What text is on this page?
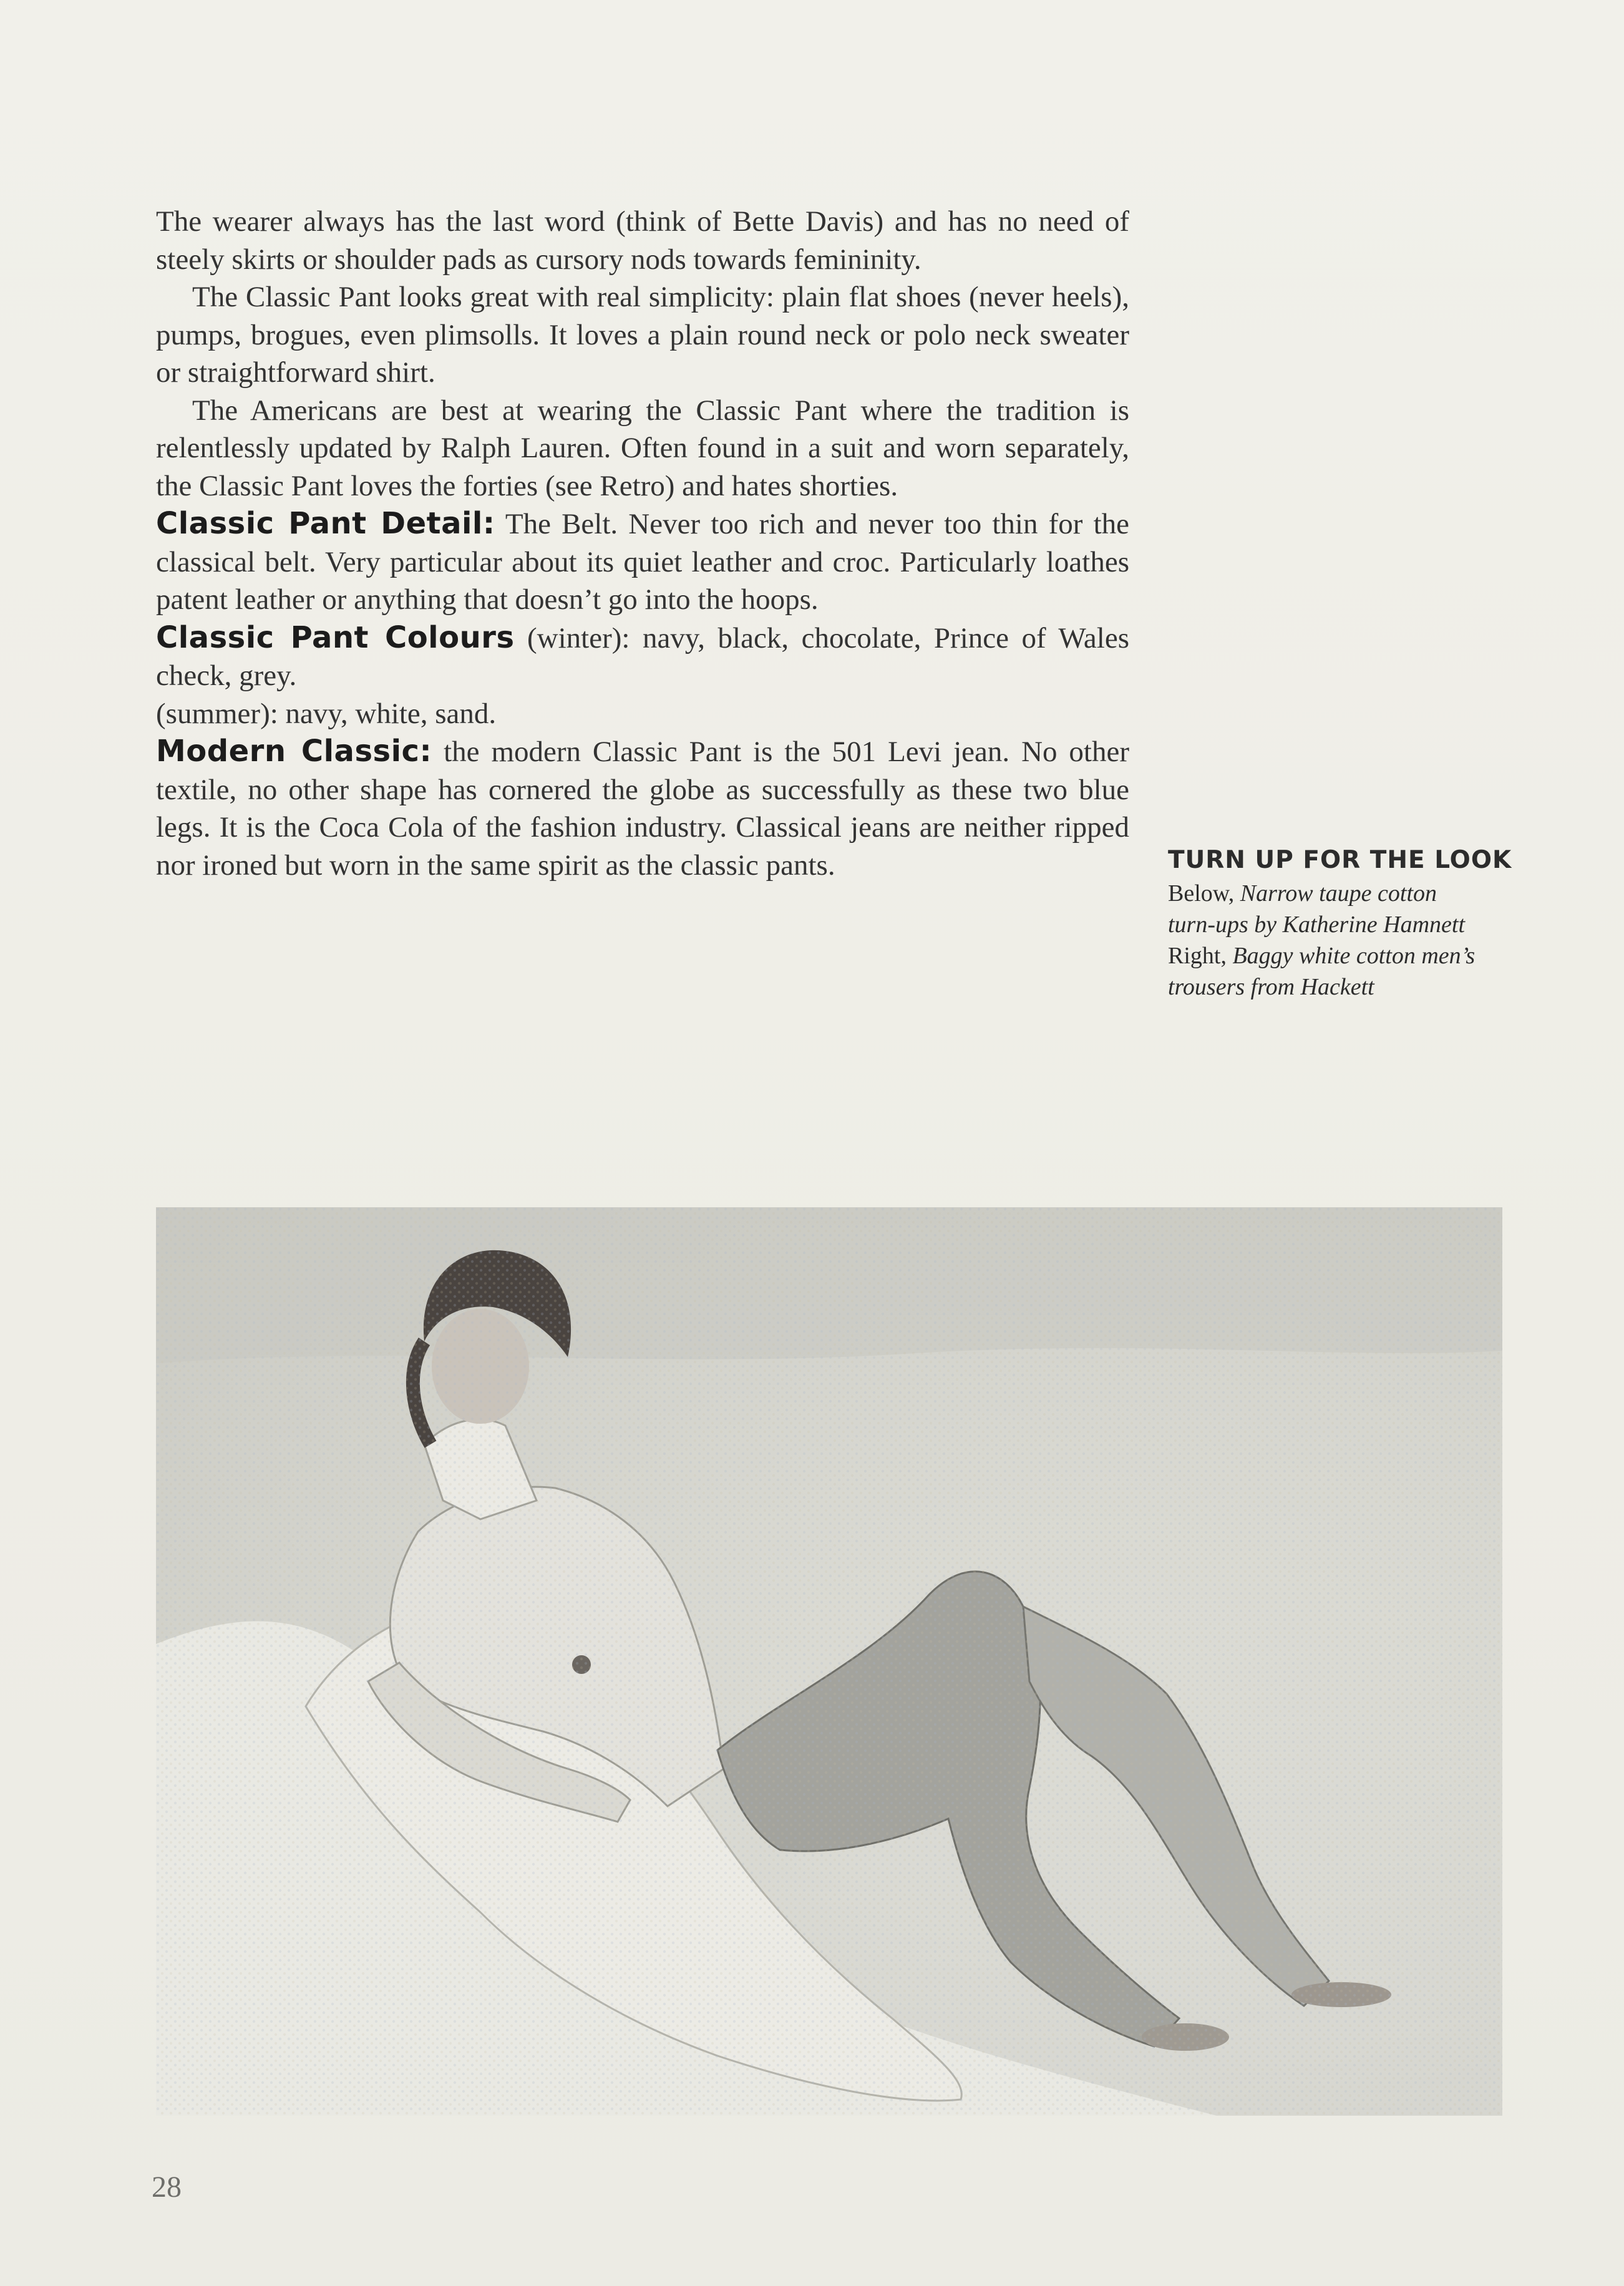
The wearer always has the last word (think of Bette Davis) and has no need of steely skirts or shoulder pads as cursory nods towards femininity.

The Classic Pant looks great with real simplicity: plain flat shoes (never heels), pumps, brogues, even plimsolls. It loves a plain round neck or polo neck sweater or straightforward shirt.

The Americans are best at wearing the Classic Pant where the tradition is relentlessly updated by Ralph Lauren. Often found in a suit and worn separately, the Classic Pant loves the forties (see Retro) and hates shorties.

Classic Pant Detail: The Belt. Never too rich and never too thin for the classical belt. Very particular about its quiet leather and croc. Particularly loathes patent leather or anything that doesn’t go into the hoops.

Classic Pant Colours (winter): navy, black, chocolate, Prince of Wales check, grey.

(summer): navy, white, sand.

Modern Classic: the modern Classic Pant is the 501 Levi jean. No other textile, no other shape has cornered the globe as successfully as these two blue legs. It is the Coca Cola of the fashion industry. Classical jeans are neither ripped nor ironed but worn in the same spirit as the classic pants.	TURN UP FOR THE LOOK

Below, Narrow taupe cotton

turn-ups by Katherine Hamnett

Right, Baggy white cotton men’s

trousers from Hackett

28
